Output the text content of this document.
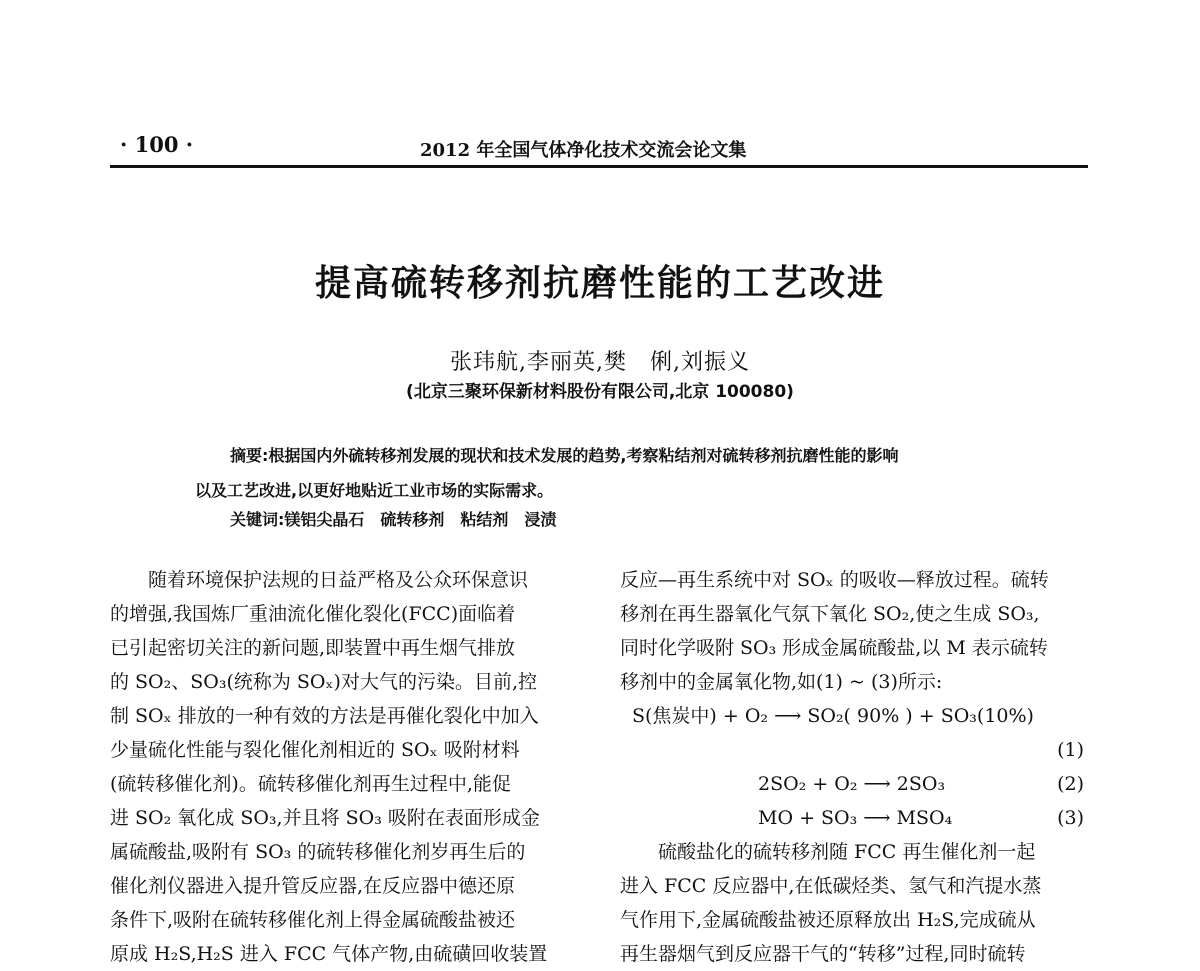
· 100 ·	2012 年全国气体净化技术交流会论文集
提高硫转移剂抗磨性能的工艺改进
张玮航,李丽英,樊　俐,刘振义
(北京三聚环保新材料股份有限公司,北京 100080)
摘要:根据国内外硫转移剂发展的现状和技术发展的趋势,考察粘结剂对硫转移剂抗磨性能的影响
以及工艺改进,以更好地贴近工业市场的实际需求。
关键词:镁铝尖晶石　硫转移剂　粘结剂　浸渍
　　随着环境保护法规的日益严格及公众环保意识
的增强,我国炼厂重油流化催化裂化(FCC)面临着
已引起密切关注的新问题,即装置中再生烟气排放
的 SO₂、SO₃(统称为 SOₓ)对大气的污染。目前,控
制 SOₓ 排放的一种有效的方法是再催化裂化中加入
少量硫化性能与裂化催化剂相近的 SOₓ 吸附材料
(硫转移催化剂)。硫转移催化剂再生过程中,能促
进 SO₂ 氧化成 SO₃,并且将 SO₃ 吸附在表面形成金
属硫酸盐,吸附有 SO₃ 的硫转移催化剂岁再生后的
催化剂仪器进入提升管反应器,在反应器中德还原
条件下,吸附在硫转移催化剂上得金属硫酸盐被还
原成 H₂S,H₂S 进入 FCC 气体产物,由硫磺回收装置
反应—再生系统中对 SOₓ 的吸收—释放过程。硫转
移剂在再生器氧化气氛下氧化 SO₂,使之生成 SO₃,
同时化学吸附 SO₃ 形成金属硫酸盐,以 M 表示硫转
移剂中的金属氧化物,如(1) ~ (3)所示:
S(焦炭中) + O₂ ⟶ SO₂( 90% ) + SO₃(10%)
(1)
2SO₂ + O₂ ⟶ 2SO₃	(2)
MO + SO₃ ⟶ MSO₄	(3)
　　硫酸盐化的硫转移剂随 FCC 再生催化剂一起
进入 FCC 反应器中,在低碳烃类、氢气和汽提水蒸
气作用下,金属硫酸盐被还原释放出 H₂S,完成硫从
再生器烟气到反应器干气的“转移”过程,同时硫转
